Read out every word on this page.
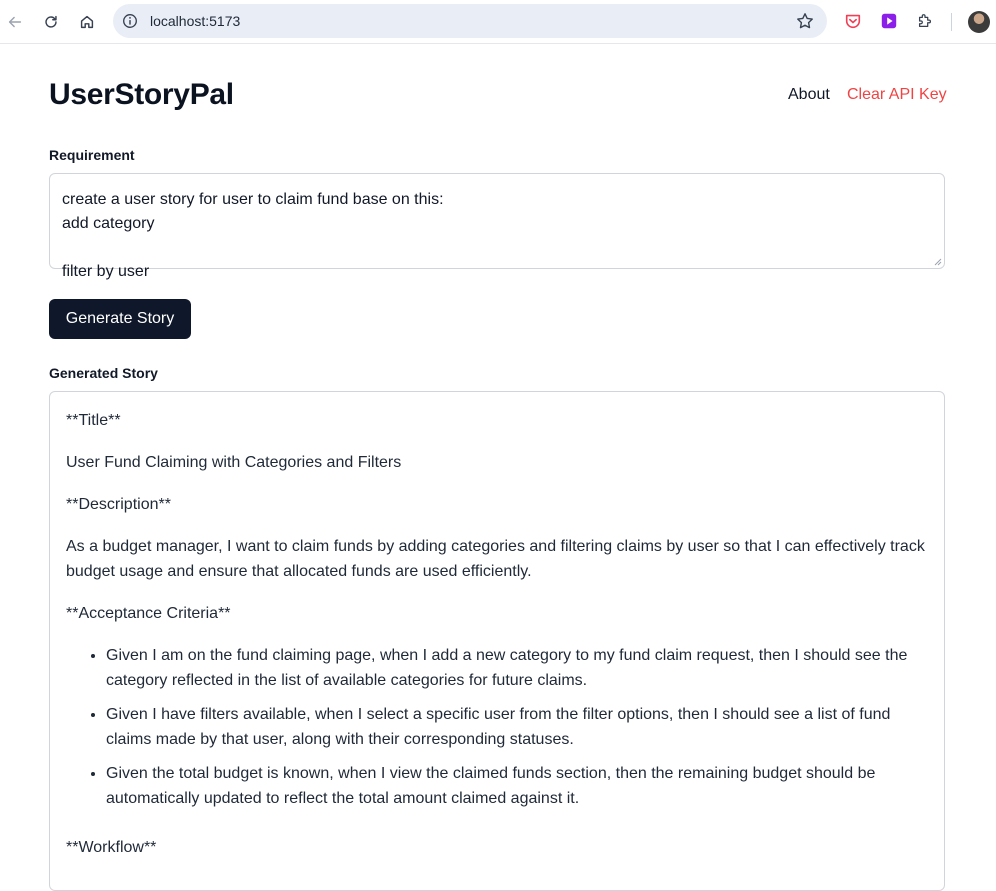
localhost:5173
UserStoryPal	About Clear API Key
Requirement
create a user story for user to claim fund base on this:
add category

filter by user
Generate Story
Generated Story
**Title**
User Fund Claiming with Categories and Filters
**Description**
As a budget manager, I want to claim funds by adding categories and filtering claims by user so that I can effectively track budget usage and ensure that allocated funds are used efficiently.
**Acceptance Criteria**
• Given I am on the fund claiming page, when I add a new category to my fund claim request, then I should see the category reflected in the list of available categories for future claims.
• Given I have filters available, when I select a specific user from the filter options, then I should see a list of fund claims made by that user, along with their corresponding statuses.
• Given the total budget is known, when I view the claimed funds section, then the remaining budget should be automatically updated to reflect the total amount claimed against it.
**Workflow**
